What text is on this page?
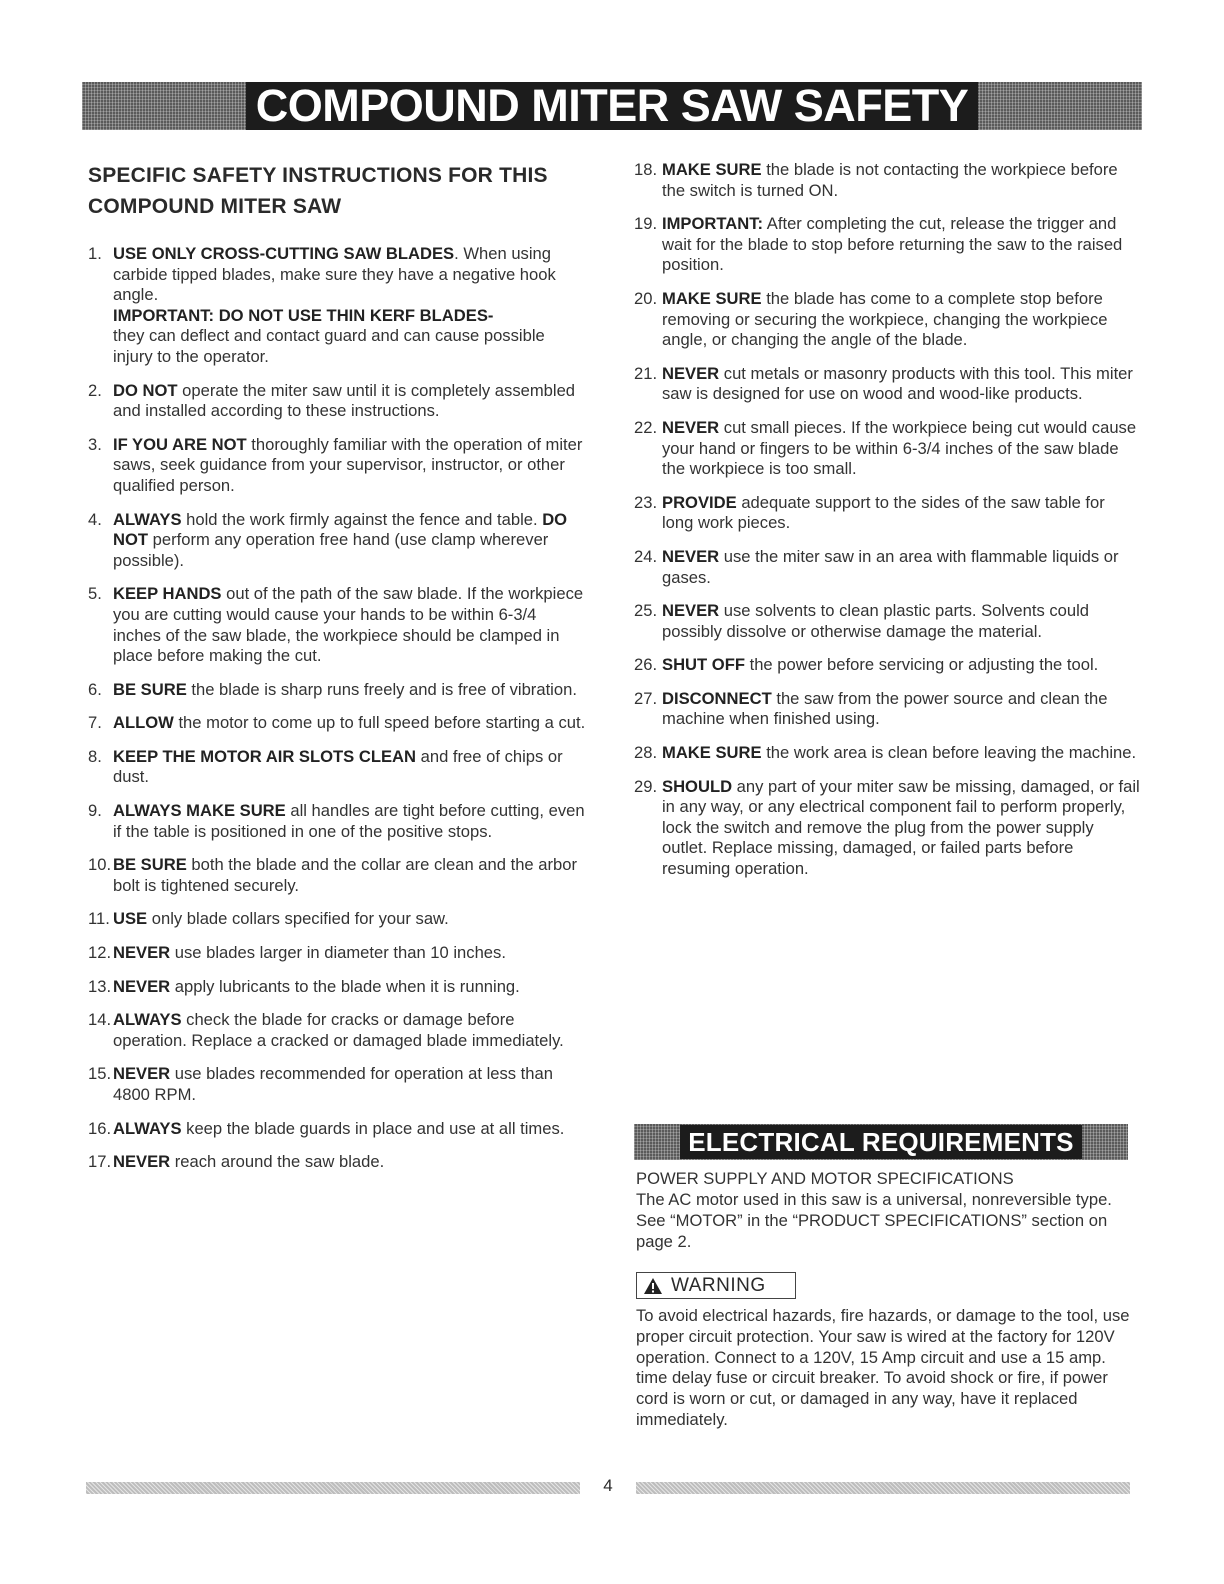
COMPOUND MITER SAW SAFETY
SPECIFIC SAFETY INSTRUCTIONS FOR THIS COMPOUND MITER SAW
1. USE ONLY CROSS-CUTTING SAW BLADES. When using carbide tipped blades, make sure they have a negative hook angle.
IMPORTANT: DO NOT USE THIN KERF BLADES-
they can deflect and contact guard and can cause possible injury to the operator.
2. DO NOT operate the miter saw until it is completely assembled and installed according to these instructions.
3. IF YOU ARE NOT thoroughly familiar with the operation of miter saws, seek guidance from your supervisor, instructor, or other qualified person.
4. ALWAYS hold the work firmly against the fence and table. DO NOT perform any operation free hand (use clamp wherever possible).
5. KEEP HANDS out of the path of the saw blade. If the workpiece you are cutting would cause your hands to be within 6-3/4 inches of the saw blade, the workpiece should be clamped in place before making the cut.
6. BE SURE the blade is sharp runs freely and is free of vibration.
7. ALLOW the motor to come up to full speed before starting a cut.
8. KEEP THE MOTOR AIR SLOTS CLEAN and free of chips or dust.
9. ALWAYS MAKE SURE all handles are tight before cutting, even if the table is positioned in one of the positive stops.
10. BE SURE both the blade and the collar are clean and the arbor bolt is tightened securely.
11. USE only blade collars specified for your saw.
12. NEVER use blades larger in diameter than 10 inches.
13. NEVER apply lubricants to the blade when it is running.
14. ALWAYS check the blade for cracks or damage before operation. Replace a cracked or damaged blade immediately.
15. NEVER use blades recommended for operation at less than 4800 RPM.
16. ALWAYS keep the blade guards in place and use at all times.
17. NEVER reach around the saw blade.
18. MAKE SURE the blade is not contacting the workpiece before the switch is turned ON.
19. IMPORTANT: After completing the cut, release the trigger and wait for the blade to stop before returning the saw to the raised position.
20. MAKE SURE the blade has come to a complete stop before removing or securing the workpiece, changing the workpiece angle, or changing the angle of the blade.
21. NEVER cut metals or masonry products with this tool. This miter saw is designed for use on wood and wood-like products.
22. NEVER cut small pieces. If the workpiece being cut would cause your hand or fingers to be within 6-3/4 inches of the saw blade the workpiece is too small.
23. PROVIDE adequate support to the sides of the saw table for long work pieces.
24. NEVER use the miter saw in an area with flammable liquids or gases.
25. NEVER use solvents to clean plastic parts. Solvents could possibly dissolve or otherwise damage the material.
26. SHUT OFF the power before servicing or adjusting the tool.
27. DISCONNECT the saw from the power source and clean the machine when finished using.
28. MAKE SURE the work area is clean before leaving the machine.
29. SHOULD any part of your miter saw be missing, damaged, or fail in any way, or any electrical component fail to perform properly, lock the switch and remove the plug from the power supply outlet. Replace missing, damaged, or failed parts before resuming operation.
ELECTRICAL REQUIREMENTS
POWER SUPPLY AND MOTOR SPECIFICATIONS
The AC motor used in this saw is a universal, nonreversible type. See “MOTOR” in the “PRODUCT SPECIFICATIONS” section on page 2.
WARNING
To avoid electrical hazards, fire hazards, or damage to the tool, use proper circuit protection. Your saw is wired at the factory for 120V operation. Connect to a 120V, 15 Amp circuit and use a 15 amp. time delay fuse or circuit breaker. To avoid shock or fire, if power cord is worn or cut, or damaged in any way, have it replaced immediately.
4
